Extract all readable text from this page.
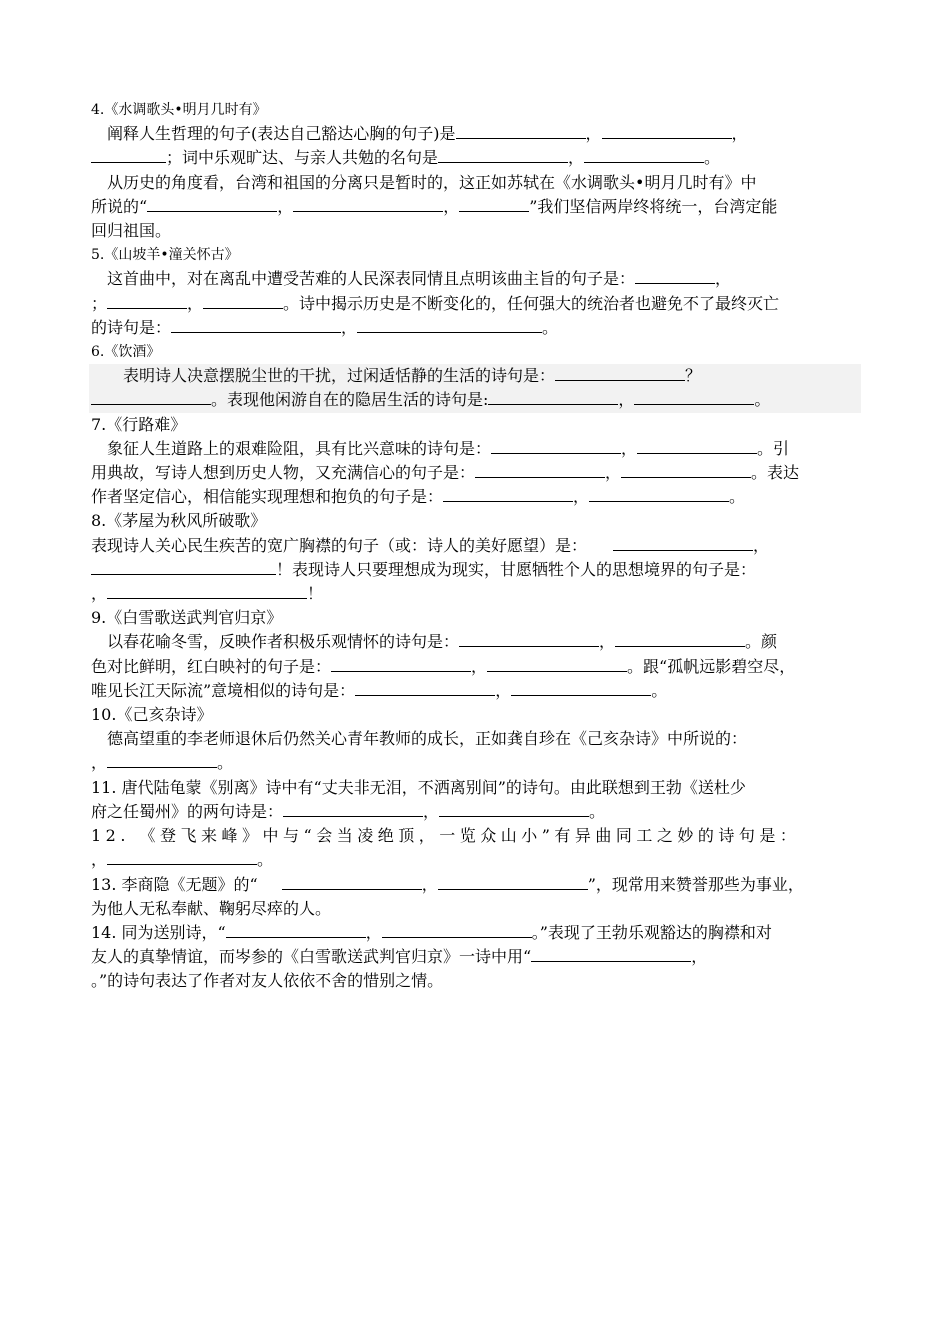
4.《水调歌头•明月几时有》
阐释人生哲理的句子(表达自己豁达心胸的句子)是	，	，
；词中乐观旷达、与亲人共勉的名句是	，	。
从历史的角度看，台湾和祖国的分离只是暂时的，这正如苏轼在《水调歌头•明月几时有》中
所说的“	，	，	”我们坚信两岸终将统一，台湾定能
回归祖国。
5.《山坡羊•潼关怀古》
这首曲中，对在离乱中遭受苦难的人民深表同情且点明该曲主旨的句子是：	，
；	，	。诗中揭示历史是不断变化的，任何强大的统治者也避免不了最终灭亡
的诗句是：	，	。
6.《饮酒》
表明诗人决意摆脱尘世的干扰，过闲适恬静的生活的诗句是：	？
。表现他闲游自在的隐居生活的诗句是:	，	。
7.《行路难》
象征人生道路上的艰难险阻，具有比兴意味的诗句是：	，	。引
用典故，写诗人想到历史人物，又充满信心的句子是：	，	。表达
作者坚定信心，相信能实现理想和抱负的句子是：	，	。
8.《茅屋为秋风所破歌》
表现诗人关心民生疾苦的宽广胸襟的句子（或：诗人的美好愿望）是：	，
！表现诗人只要理想成为现实，甘愿牺牲个人的思想境界的句子是：
，	！
9.《白雪歌送武判官归京》
以春花喻冬雪，反映作者积极乐观情怀的诗句是：	，	。颜
色对比鲜明，红白映衬的句子是：	，	。跟“孤帆远影碧空尽，
唯见长江天际流”意境相似的诗句是：	，	。
10.《己亥杂诗》
德高望重的李老师退休后仍然关心青年教师的成长，正如龚自珍在《己亥杂诗》中所说的：
，	。
11. 唐代陆龟蒙《别离》诗中有“丈夫非无泪，不洒离别间”的诗句。由此联想到王勃《送杜少
府之任蜀州》的两句诗是：	，	。
12. 《登飞来峰》中与“会当凌绝顶，一览众山小”有异曲同工之妙的诗句是：
，	。
13. 李商隐《无题》的“	，	”，现常用来赞誉那些为事业，
为他人无私奉献、鞠躬尽瘁的人。
14. 同为送别诗，“	，	。”表现了王勃乐观豁达的胸襟和对
友人的真挚情谊，而岑参的《白雪歌送武判官归京》一诗中用“	，
。”的诗句表达了作者对友人依依不舍的惜别之情。
